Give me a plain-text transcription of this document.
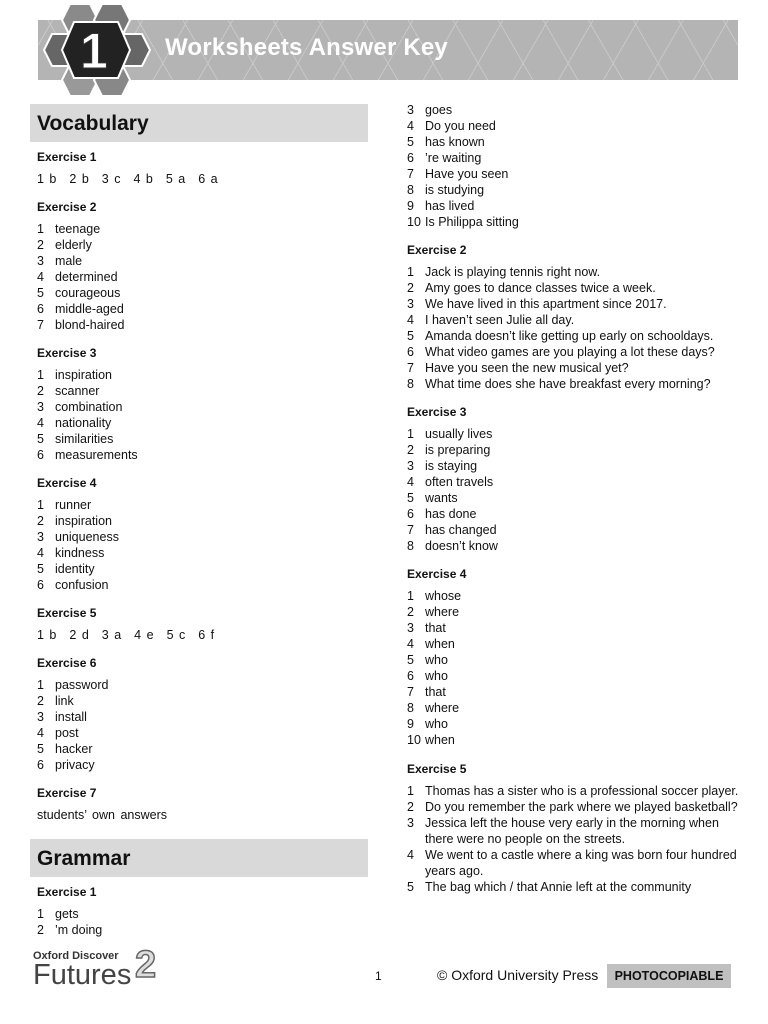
1 Worksheets Answer Key
Vocabulary
Exercise 1
1 b 2 b 3 c 4 b 5 a 6 a
Exercise 2
1 teenage
2 elderly
3 male
4 determined
5 courageous
6 middle-aged
7 blond-haired
Exercise 3
1 inspiration
2 scanner
3 combination
4 nationality
5 similarities
6 measurements
Exercise 4
1 runner
2 inspiration
3 uniqueness
4 kindness
5 identity
6 confusion
Exercise 5
1 b 2 d 3 a 4 e 5 c 6 f
Exercise 6
1 password
2 link
3 install
4 post
5 hacker
6 privacy
Exercise 7
students’ own answers
Grammar
Exercise 1
1 gets
2 ’m doing
3 goes
4 Do you need
5 has known
6 ’re waiting
7 Have you seen
8 is studying
9 has lived
10 Is Philippa sitting
Exercise 2
1 Jack is playing tennis right now.
2 Amy goes to dance classes twice a week.
3 We have lived in this apartment since 2017.
4 I haven’t seen Julie all day.
5 Amanda doesn’t like getting up early on schooldays.
6 What video games are you playing a lot these days?
7 Have you seen the new musical yet?
8 What time does she have breakfast every morning?
Exercise 3
1 usually lives
2 is preparing
3 is staying
4 often travels
5 wants
6 has done
7 has changed
8 doesn’t know
Exercise 4
1 whose
2 where
3 that
4 when
5 who
6 who
7 that
8 where
9 who
10 when
Exercise 5
1 Thomas has a sister who is a professional soccer player.
2 Do you remember the park where we played basketball?
3 Jessica left the house very early in the morning when there were no people on the streets.
4 We went to a castle where a king was born four hundred years ago.
5 The bag which / that Annie left at the community
Oxford Discover
Futures 2	1	© Oxford University Press	PHOTOCOPIABLE
